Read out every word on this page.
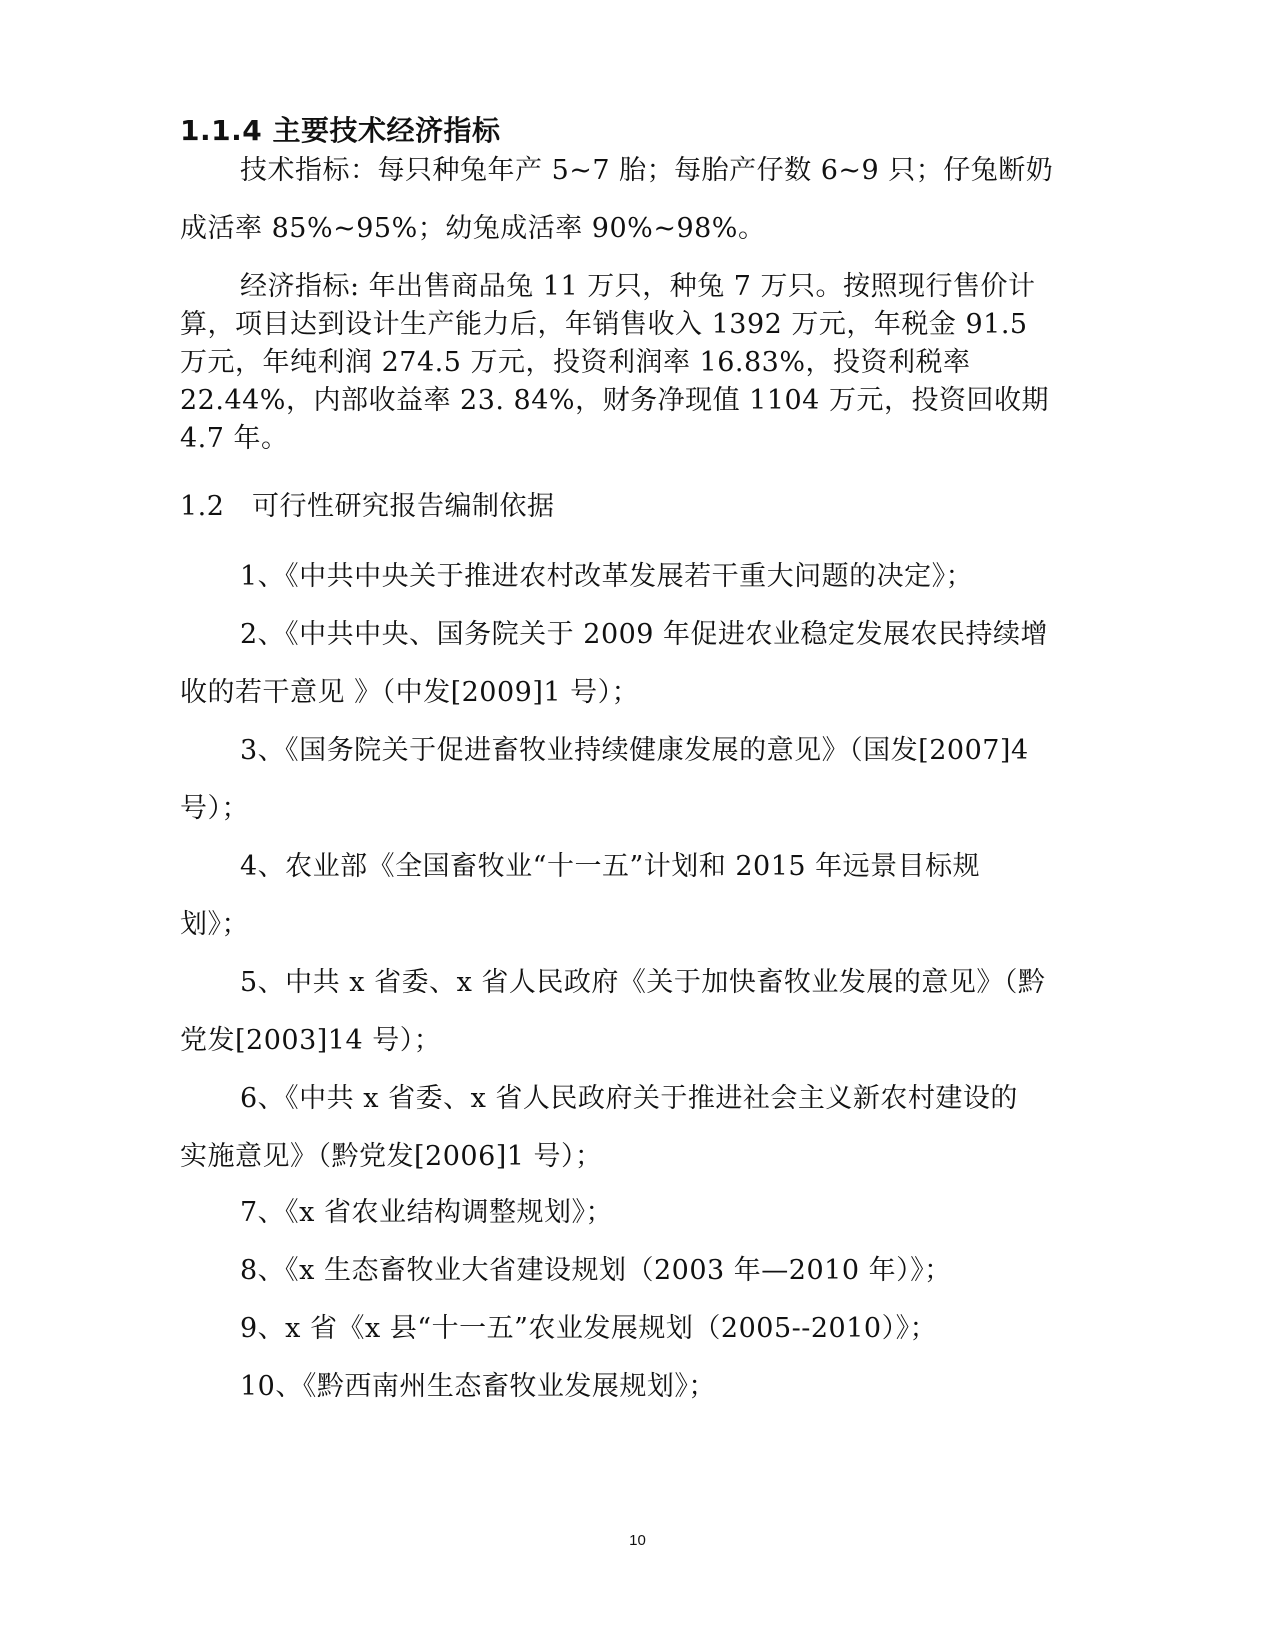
1.1.4 主要技术经济指标
技术指标：每只种兔年产 5~7 胎；每胎产仔数 6~9 只；仔兔断奶
成活率 85%~95%；幼兔成活率 90%~98%。
经济指标: 年出售商品兔 11 万只，种兔 7 万只。按照现行售价计
算，项目达到设计生产能力后，年销售收入 1392 万元，年税金 91.5
万元，年纯利润 274.5 万元，投资利润率 16.83%，投资利税率
22.44%，内部收益率 23. 84%，财务净现值 1104 万元，投资回收期
4.7 年。
1.2　可行性研究报告编制依据
1、《中共中央关于推进农村改革发展若干重大问题的决定》；
2、《中共中央、国务院关于 2009 年促进农业稳定发展农民持续增
收的若干意见 》（中发[2009]1 号）；
3、《国务院关于促进畜牧业持续健康发展的意见》（国发[2007]4
号）；
4、农业部《全国畜牧业“十一五”计划和 2015 年远景目标规
划》；
5、中共 x 省委、x 省人民政府《关于加快畜牧业发展的意见》（黔
党发[2003]14 号）；
6、《中共 x 省委、x 省人民政府关于推进社会主义新农村建设的
实施意见》（黔党发[2006]1 号）；
7、《x 省农业结构调整规划》；
8、《x 生态畜牧业大省建设规划（2003 年—2010 年）》；
9、x 省《x 县“十一五”农业发展规划（2005--2010）》；
10、《黔西南州生态畜牧业发展规划》；
10
